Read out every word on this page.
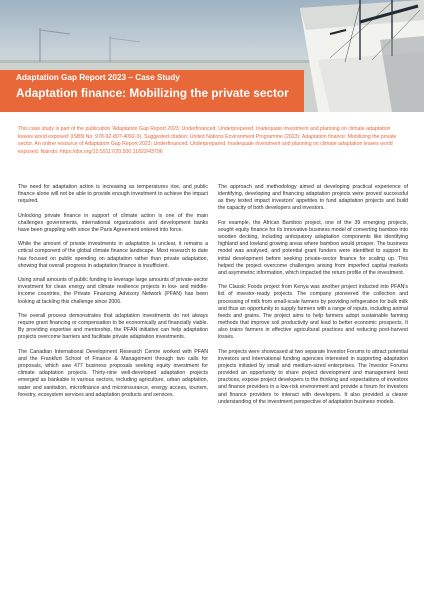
Adaptation Gap Report 2023 – Case Study
Adaptation finance: Mobilizing the private sector

This case study is part of the publication 'Adaptation Gap Report 2023: Underfinanced. Underprepared. Inadequate investment and planning on climate adaptation leaves world exposed' (ISBN No: 978-92-807-4092-9). Suggested citation: United Nations Environment Programme (2023). Adaptation finance: Mobilizing the private sector. An online resource of Adaptation Gap Report 2023: Underfinanced. Underprepared. Inadequate investment and planning on climate adaptation leaves world exposed. Nairobi. https://doi.org/10.59117/20.500.11822/43796

The need for adaptation action is increasing as temperatures rise, and public finance alone will not be able to provide enough investment to achieve the impact required.

Unlocking private finance in support of climate action is one of the main challenges governments, international organizations and development banks have been grappling with since the Paris Agreement entered into force.

While the amount of private investments in adaptation is unclear, it remains a critical component of the global climate finance landscape. Most research to date has focused on public spending on adaptation rather than private adaptation, showing that overall progress in adaptation finance is insufficient.

Using small amounts of public funding to leverage large amounts of private-sector investment for clean energy and climate resilience projects in low- and middle-income countries, the Private Financing Advisory Network (PFAN) has been looking at tackling this challenge since 2006.

The overall process demonstrates that adaptation investments do not always require grant financing or compensation to be economically and financially viable. By providing expertise and mentorship, the PFAN initiative can help adaptation projects overcome barriers and facilitate private adaptation investments.

The Canadian International Development Research Centre worked with PFAN and the Frankfurt School of Finance & Management through two calls for proposals, which saw 477 business proposals seeking equity investment for climate adaptation projects. Thirty-nine well-developed adaptation projects emerged as bankable in various sectors, including agriculture, urban adaptation, water and sanitation, microfinance and microinsurance, energy access, tourism, forestry, ecosystem services and adaptation products and services.

The approach and methodology aimed at developing practical experience of identifying, developing and financing adaptation projects were proved successful as they tested impact investors' appetites to fund adaptation projects and build the capacity of both developers and investors.

For example, the African Bamboo project, one of the 39 emerging projects, sought equity finance for its innovative business model of converting bamboo into wooden decking, including anticipatory adaptation components like identifying highland and lowland growing areas where bamboo would prosper. The business model was analysed, and potential grant funders were identified to support its initial development before seeking private-sector finance for scaling up. This helped the project overcome challenges arising from imperfect capital markets and asymmetric information, which impacted the return profile of the investment.

The Classic Foods project from Kenya was another project inducted into PFAN's list of investor-ready projects. The company pioneered the collection and processing of milk from small-scale farmers by providing refrigeration for bulk milk and thus an opportunity to supply farmers with a range of inputs, including animal feeds and grains. The project aims to help farmers adopt sustainable farming methods that improve soil productivity and lead to better economic prospects. It also trains farmers in effective agricultural practices and reducing post-harvest losses.

The projects were showcased at two separate Investor Forums to attract potential investors and international funding agencies interested in supporting adaptation projects initiated by small and medium-sized enterprises. The Investor Forums provided an opportunity to share project development and management best practices, expose project developers to the thinking and expectations of investors and finance providers in a low-risk environment and provide a forum for investors and finance providers to interact with developers. It also provided a clearer understanding of the investment perspective of adaptation business models.
